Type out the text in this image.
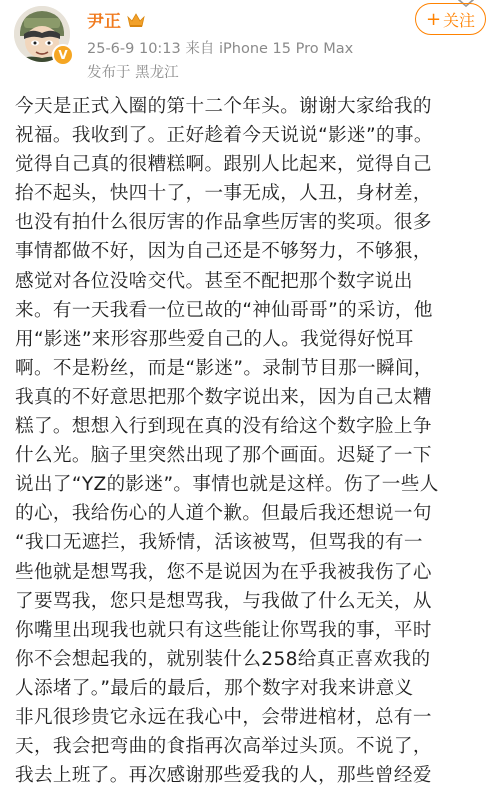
V
尹正
25-6-9 10:13 来自 iPhone 15 Pro Max
发布于 黑龙江
+ 关注
今天是正式入圈的第十二个年头。谢谢大家给我的
祝福。我收到了。正好趁着今天说说“影迷”的事。
觉得自己真的很糟糕啊。跟别人比起来，觉得自己
抬不起头，快四十了，一事无成，人丑，身材差，
也没有拍什么很厉害的作品拿些厉害的奖项。很多
事情都做不好，因为自己还是不够努力，不够狠，
感觉对各位没啥交代。甚至不配把那个数字说出
来。有一天我看一位已故的“神仙哥哥”的采访，他
用“影迷”来形容那些爱自己的人。我觉得好悦耳
啊。不是粉丝，而是“影迷”。录制节目那一瞬间，
我真的不好意思把那个数字说出来，因为自己太糟
糕了。想想入行到现在真的没有给这个数字脸上争
什么光。脑子里突然出现了那个画面。迟疑了一下
说出了“YZ的影迷”。事情也就是这样。伤了一些人
的心，我给伤心的人道个歉。但最后我还想说一句
“我口无遮拦，我矫情，活该被骂，但骂我的有一
些他就是想骂我，您不是说因为在乎我被我伤了心
了要骂我，您只是想骂我，与我做了什么无关，从
你嘴里出现我也就只有这些能让你骂我的事，平时
你不会想起我的，就别装什么258给真正喜欢我的
人添堵了。”最后的最后，那个数字对我来讲意义
非凡很珍贵它永远在我心中，会带进棺材，总有一
天，我会把弯曲的食指再次高举过头顶。不说了，
我去上班了。再次感谢那些爱我的人，那些曾经爱
